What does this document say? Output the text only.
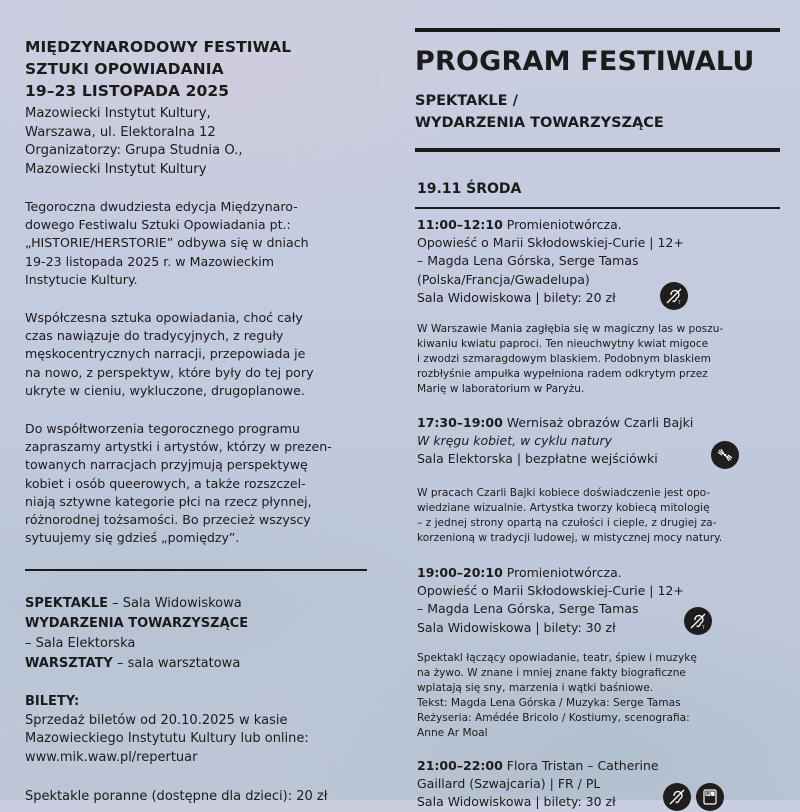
MIĘDZYNARODOWY FESTIWAL
SZTUKI OPOWIADANIA
19–23 LISTOPADA 2025
Mazowiecki Instytut Kultury,
Warszawa, ul. Elektoralna 12
Organizatorzy: Grupa Studnia O.,
Mazowiecki Instytut Kultury
Tegoroczna dwudziesta edycja Międzynaro-
dowego Festiwalu Sztuki Opowiadania pt.:
„HISTORIE/HERSTORIE” odbywa się w dniach
19-23 listopada 2025 r. w Mazowieckim
Instytucie Kultury.
Współczesna sztuka opowiadania, choć cały
czas nawiązuje do tradycyjnych, z reguły
męskocentrycznych narracji, przepowiada je
na nowo, z perspektyw, które były do tej pory
ukryte w cieniu, wykluczone, drugoplanowe.
Do współtworzenia tegorocznego programu
zapraszamy artystki i artystów, którzy w prezen-
towanych narracjach przyjmują perspektywę
kobiet i osób queerowych, a także rozszczel-
niają sztywne kategorie płci na rzecz płynnej,
różnorodnej tożsamości. Bo przecież wszyscy
sytuujemy się gdzieś „pomiędzy”.
SPEKTAKLE – Sala Widowiskowa
WYDARZENIA TOWARZYSZĄCE
– Sala Elektorska
WARSZTATY – sala warsztatowa
BILETY:
Sprzedaż biletów od 20.10.2025 w kasie
Mazowieckiego Instytutu Kultury lub online:
www.mik.waw.pl/repertuar
Spektakle poranne (dostępne dla dzieci): 20 zł
PROGRAM FESTIWALU
SPEKTAKLE /
WYDARZENIA TOWARZYSZĄCE
19.11 ŚRODA
11:00–12:10 Promieniotwórcza.
Opowieść o Marii Skłodowskiej-Curie | 12+
– Magda Lena Górska, Serge Tamas
(Polska/Francja/Gwadelupa)
Sala Widowiskowa | bilety: 20 zł	T
W Warszawie Mania zagłębia się w magiczny las w poszu-
kiwaniu kwiatu paproci. Ten nieuchwytny kwiat migoce
i zwodzi szmaragdowym blaskiem. Podobnym blaskiem
rozbłyśnie ampułka wypełniona radem odkrytym przez
Marię w laboratorium w Paryżu.
17:30–19:00 Wernisaż obrazów Czarli Bajki
W kręgu kobiet, w cyklu natury
Sala Elektorska | bezpłatne wejściówki
W pracach Czarli Bajki kobiece doświadczenie jest opo-
wiedziane wizualnie. Artystka tworzy kobiecą mitologię
– z jednej strony opartą na czułości i cieple, z drugiej za-
korzenioną w tradycji ludowej, w mistycznej mocy natury.
19:00–20:10 Promieniotwórcza.
Opowieść o Marii Skłodowskiej-Curie | 12+
– Magda Lena Górska, Serge Tamas
Sala Widowiskowa | bilety: 30 zł	T
Spektakl łączący opowiadanie, teatr, śpiew i muzykę
na żywo. W znane i mniej znane fakty biograficzne
wplatają się sny, marzenia i wątki baśniowe.
Tekst: Magda Lena Górska / Muzyka: Serge Tamas
Reżyseria: Amédée Bricolo / Kostiumy, scenografia:
Anne Ar Moal
21:00–22:00 Flora Tristan – Catherine
Gaillard (Szwajcaria) | FR / PL
Sala Widowiskowa | bilety: 30 zł
PL
